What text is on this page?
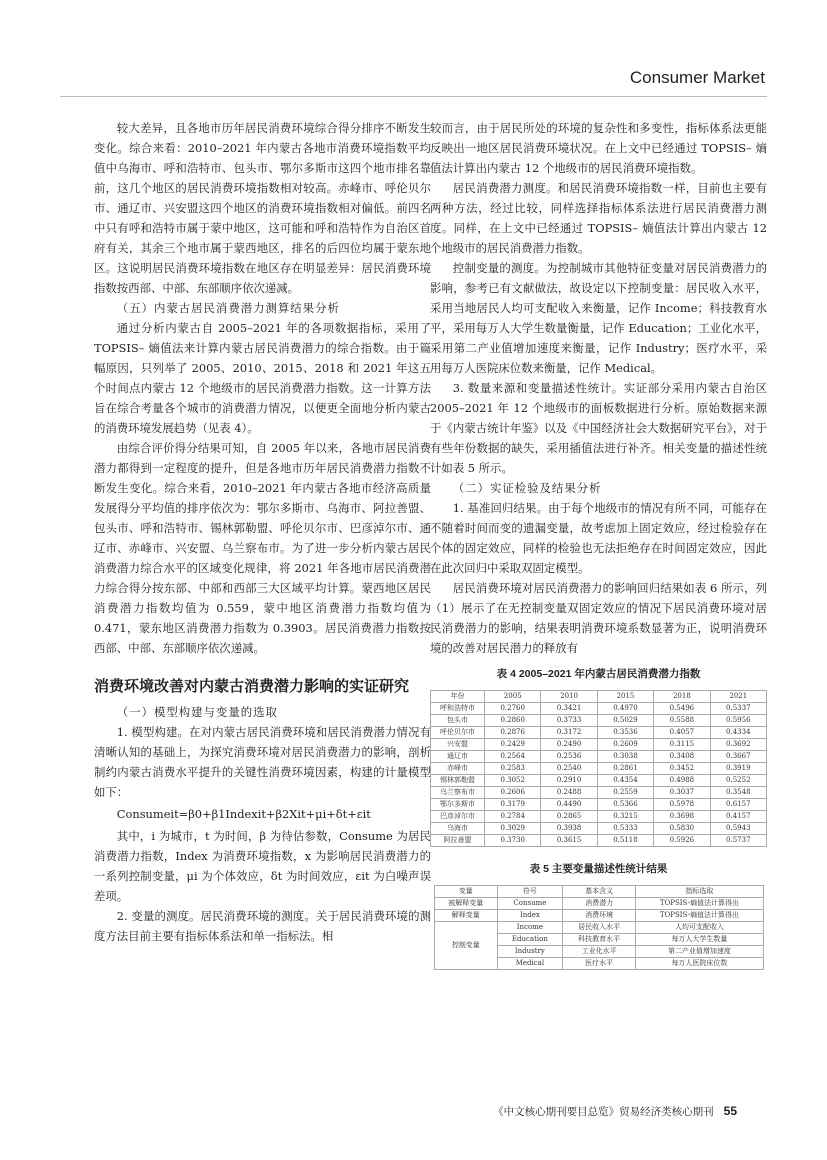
Consumer Market

较大差异，且各地市历年居民消费环境综合得分排序不断发生变化。综合来看：2010–2021 年内蒙古各地市消费环境指数平均值中乌海市、呼和浩特市、包头市、鄂尔多斯市这四个地市排名靠前，这几个地区的居民消费环境指数相对较高。赤峰市、呼伦贝尔市、通辽市、兴安盟这四个地区的消费环境指数相对偏低。前四名中只有呼和浩特市属于蒙中地区，这可能和呼和浩特作为自治区首府有关，其余三个地市属于蒙西地区，排名的后四位均属于蒙东地区。这说明居民消费环境指数在地区存在明显差异：居民消费环境指数按西部、中部、东部顺序依次递减。

（五）内蒙古居民消费潜力测算结果分析

通过分析内蒙古自 2005–2021 年的各项数据指标，采用了 TOPSIS– 熵值法来计算内蒙古居民消费潜力的综合指数。由于篇幅原因，只列举了 2005、2010、2015、2018 和 2021 年这五个时间点内蒙古 12 个地级市的居民消费潜力指数。这一计算方法旨在综合考量各个城市的消费潜力情况，以便更全面地分析内蒙古的消费环境发展趋势（见表 4）。

由综合评价得分结果可知，自 2005 年以来，各地市居民消费潜力都得到一定程度的提升，但是各地市历年居民消费潜力指数不断发生变化。综合来看，2010–2021 年内蒙古各地市经济高质量发展得分平均值的排序依次为：鄂尔多斯市、乌海市、阿拉善盟、包头市、呼和浩特市、锡林郭勒盟、呼伦贝尔市、巴彦淖尔市、通辽市、赤峰市、兴安盟、乌兰察布市。为了进一步分析内蒙古居民消费潜力综合水平的区域变化规律，将 2021 年各地市居民消费潜力综合得分按东部、中部和西部三大区域平均计算。蒙西地区居民消费潜力指数均值为 0.559，蒙中地区消费潜力指数均值为 0.471，蒙东地区消费潜力指数为 0.3903。居民消费潜力指数按西部、中部、东部顺序依次递减。

消费环境改善对内蒙古消费潜力影响的实证研究

（一）模型构建与变量的选取

1. 模型构建。在对内蒙古居民消费环境和居民消费潜力情况有清晰认知的基础上，为探究消费环境对居民消费潜力的影响，剖析制约内蒙古消费水平提升的关键性消费环境因素，构建的计量模型如下：

Consumeit=β0+β1Indexit+β2Xit+μi+δt+εit

其中，i 为城市，t 为时间，β 为待估参数，Consume 为居民消费潜力指数，Index 为消费环境指数，x 为影响居民消费潜力的一系列控制变量，μi 为个体效应，δt 为时间效应，εit 为白噪声误差项。

2. 变量的测度。居民消费环境的测度。关于居民消费环境的测度方法目前主要有指标体系法和单一指标法。相

较而言，由于居民所处的环境的复杂性和多变性，指标体系法更能反映出一地区居民消费环境状况。在上文中已经通过 TOPSIS– 熵值法计算出内蒙古 12 个地级市的居民消费环境指数。

居民消费潜力测度。和居民消费环境指数一样，目前也主要有两种方法，经过比较，同样选择指标体系法进行居民消费潜力测度。同样，在上文中已经通过 TOPSIS– 熵值法计算出内蒙古 12 个地级市的居民消费潜力指数。

控制变量的测度。为控制城市其他特征变量对居民消费潜力的影响，参考已有文献做法，故设定以下控制变量：居民收入水平，采用当地居民人均可支配收入来衡量，记作 Income；科技教育水平，采用每万人大学生数量衡量，记作 Education；工业化水平，采用第二产业值增加速度来衡量，记作 Industry；医疗水平，采用每万人医院床位数来衡量，记作 Medical。

3. 数量来源和变量描述性统计。实证部分采用内蒙古自治区 2005–2021 年 12 个地级市的面板数据进行分析。原始数据来源于《内蒙古统计年鉴》以及《中国经济社会大数据研究平台》，对于有些年份数据的缺失，采用插值法进行补齐。相关变量的描述性统计如表 5 所示。

（二）实证检验及结果分析

1. 基准回归结果。由于每个地级市的情况有所不同，可能存在不随着时间而变的遗漏变量，故考虑加上固定效应，经过检验存在个体的固定效应，同样的检验也无法拒绝存在时间固定效应，因此在此次回归中采取双固定模型。

居民消费环境对居民消费潜力的影响回归结果如表 6 所示，列（1）展示了在无控制变量双固定效应的情况下居民消费环境对居民消费潜力的影响，结果表明消费环境系数显著为正，说明消费环境的改善对居民潜力的释放有

表 4 2005–2021 年内蒙古居民消费潜力指数
年份	2005	2010	2015	2018	2021
呼和浩特市	0.2760	0.3421	0.4970	0.5496	0.5337
包头市	0.2860	0.3733	0.5029	0.5588	0.5956
呼伦贝尔市	0.2876	0.3172	0.3536	0.4057	0.4334
兴安盟	0.2429	0.2490	0.2609	0.3115	0.3692
通辽市	0.2564	0.2536	0.3038	0.3408	0.3667
赤峰市	0.2583	0.2540	0.2861	0.3452	0.3919
锡林郭勒盟	0.3052	0.2910	0.4354	0.4988	0.5252
乌兰察布市	0.2606	0.2488	0.2559	0.3037	0.3548
鄂尔多斯市	0.3179	0.4490	0.5366	0.5978	0.6157
巴彦淖尔市	0.2784	0.2865	0.3215	0.3698	0.4157
乌海市	0.3029	0.3938	0.5333	0.5830	0.5943
阿拉善盟	0.3730	0.3615	0.5118	0.5926	0.5737
表 5 主要变量描述性统计结果
变量	符号	基本含义	指标选取
被解释变量	Consume	消费潜力	TOPSIS-熵值法计算得出
解释变量	Index	消费环境	TOPSIS-熵值法计算得出
控制变量	Income	居民收入水平	人均可支配收入
	Education	科技教育水平	每万人大学生数量
	Industry	工业化水平	第二产业值增加速度
	Medical	医疗水平	每万人医院床位数
《中文核心期刊要目总览》贸易经济类核心期刊 55
